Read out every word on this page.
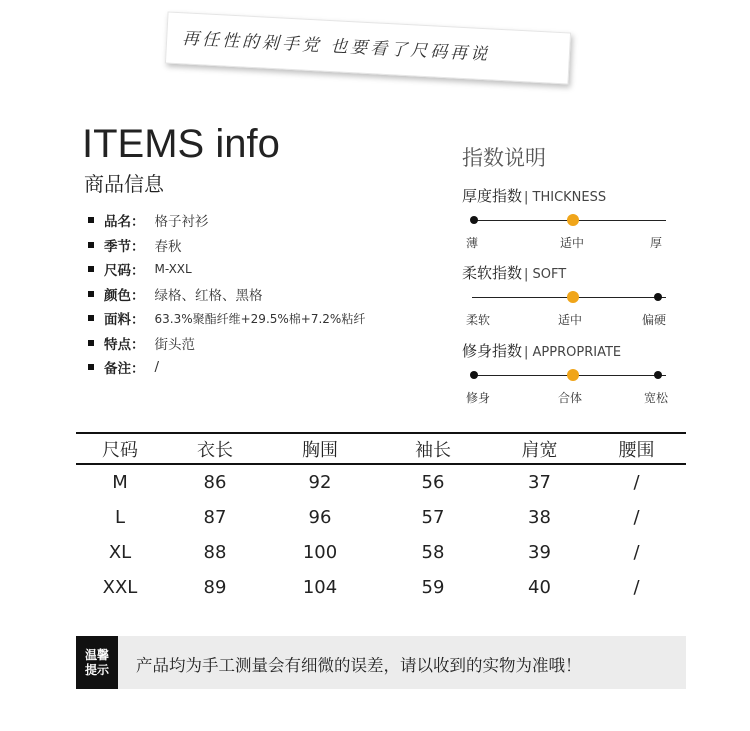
再任性的剁手党 也要看了尺码再说
ITEMS info
商品信息
品名： 格子衬衫
季节： 春秋
尺码： M-XXL
颜色： 绿格、红格、黑格
面料： 63.3%聚酯纤维+29.5%棉+7.2%粘纤
特点： 街头范
备注： /
指数说明
厚度指数 | THICKNESS
薄	适中	厚
柔软指数 | SOFT
柔软	适中	偏硬
修身指数 | APPROPRIATE
修身	合体	宽松
尺码	衣长	胸围	袖长	肩宽	腰围
M	86	92	56	37	/
L	87	96	57	38	/
XL	88	100	58	39	/
XXL	89	104	59	40	/
温馨
提示 产品均为手工测量会有细微的误差，请以收到的实物为准哦！
